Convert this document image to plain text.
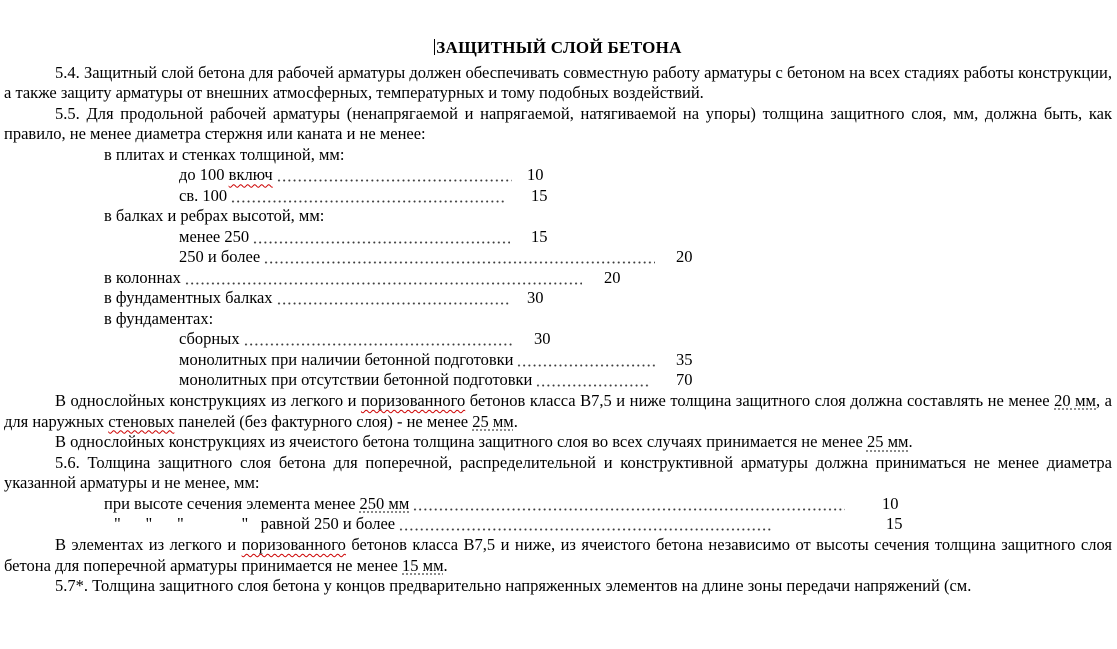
ЗАЩИТНЫЙ СЛОЙ БЕТОНА

5.4. Защитный слой бетона для рабочей арматуры должен обеспечивать совместную работу арматуры с бетоном на всех стадиях работы конструкции, а также защиту арматуры от внешних атмосферных, температурных и тому подобных воздействий.

5.5. Для продольной рабочей арматуры (ненапрягаемой и напрягаемой, натягиваемой на упоры) толщина защитного слоя, мм, должна быть, как правило, не менее диаметра стержня или каната и не менее:

в плитах и стенках толщиной, мм:
до 100 включ	10
св. 100	15
в балках и ребрах высотой, мм:
менее 250	15
250 и более	20
в колоннах	20
в фундаментных балках	30
в фундаментах:
сборных	30
монолитных при наличии бетонной подготовки	35
монолитных при отсутствии бетонной подготовки	70

В однослойных конструкциях из легкого и поризованного бетонов класса В7,5 и ниже толщина защитного слоя должна составлять не менее 20 мм, а для наружных стеновых панелей (без фактурного слоя) - не менее 25 мм.

В однослойных конструкциях из ячеистого бетона толщина защитного слоя во всех случаях принимается не менее 25 мм.

5.6. Толщина защитного слоя бетона для поперечной, распределительной и конструктивной арматуры должна приниматься не менее диаметра указанной арматуры и не менее, мм:

при высоте сечения элемента менее 250 мм	10
"      "      "              "   равной 250 и более	15

В элементах из легкого и поризованного бетонов класса В7,5 и ниже, из ячеистого бетона независимо от высоты сечения толщина защитного слоя бетона для поперечной арматуры принимается не менее 15 мм.

5.7*. Толщина защитного слоя бетона у концов предварительно напряженных элементов на длине зоны передачи напряжений (см.
